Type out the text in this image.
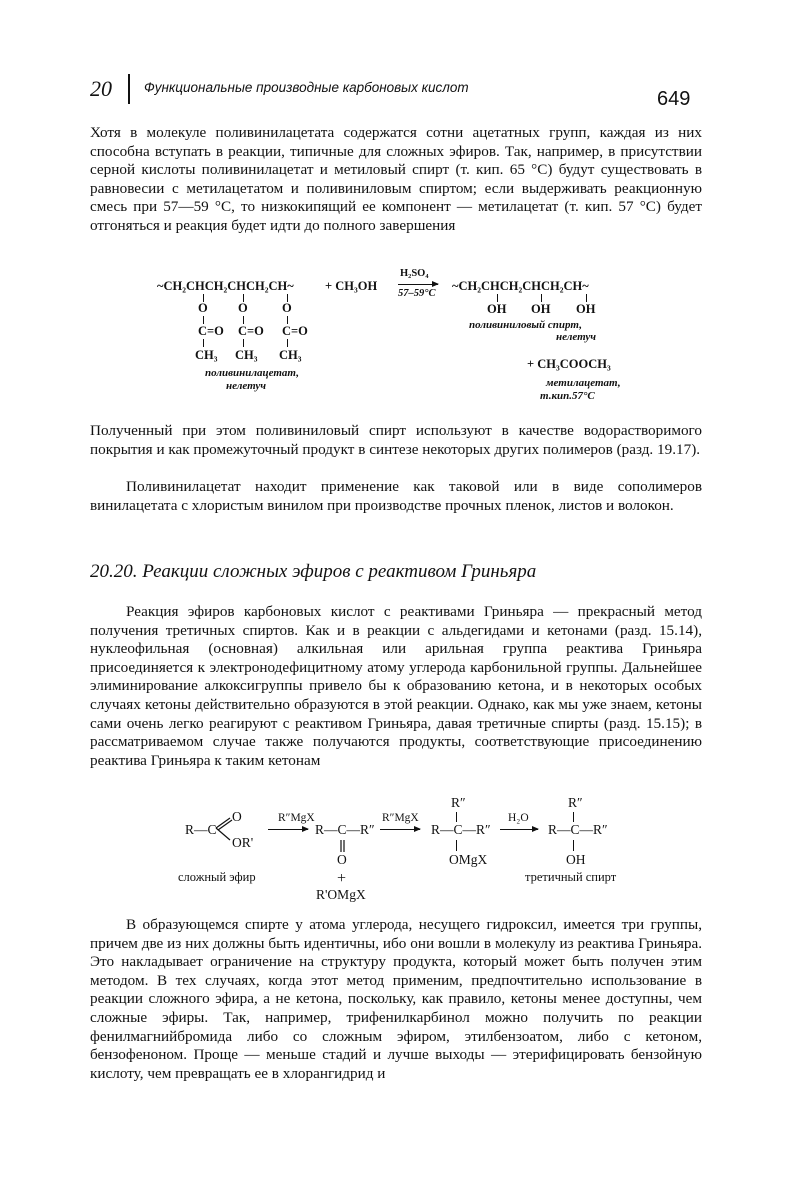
20 Функциональные производные карбоновых кислот
649
Хотя в молекуле поливинилацетата содержатся сотни ацетатных групп, каждая из них способна вступать в реакции, типичные для сложных эфиров. Так, например, в присутствии серной кислоты поливинилацетат и метиловый спирт (т. кип. 65 °C) будут существовать в равновесии с метилацетатом и поливиниловым спиртом; если выдерживать реакционную смесь при 57—59 °C, то низкокипящий ее компонент — метилацетат (т. кип. 57 °C) будет отгоняться и реакция будет идти до полного завершения
~CH₂CHCH₂CHCH₂CH~	+ CH₃OH
H₂SO₄
57–59°C
~CH₂CHCH₂CHCH₂CH~
O O	O
C=O C=O C=O
CH₃ CH₃ CH₃
поливинилацетат,
нелетуч
OH OH OH
поливиниловый спирт,
нелетуч
+ CH₃COOCH₃
метилацетат,
т.кип.57°C
Полученный при этом поливиниловый спирт используют в качестве водорастворимого покрытия и как промежуточный продукт в синтезе некоторых других полимеров (разд. 19.17).
Поливинилацетат находит применение как таковой или в виде сополимеров винилацетата с хлористым винилом при производстве прочных пленок, листов и волокон.
20.20. Реакции сложных эфиров с реактивом Гриньяра
Реакция эфиров карбоновых кислот с реактивами Гриньяра — прекрасный метод получения третичных спиртов. Как и в реакции с альдегидами и кетонами (разд. 15.14), нуклеофильная (основная) алкильная или арильная группа реактива Гриньяра присоединяется к электронодефицитному атому углерода карбонильной группы. Дальнейшее элиминирование алкоксигруппы привело бы к образованию кетона, и в некоторых особых случаях кетоны действительно образуются в этой реакции. Однако, как мы уже знаем, кетоны сами очень легко реагируют с реактивом Гриньяра, давая третичные спирты (разд. 15.15); в рассматриваемом случае также получаются продукты, соответствующие присоединению реактива Гриньяра к таким кетонам
R—C
O
OR'
R″MgX
→ R—C—R″
O
+
R'OMgX
R″MgX
R″
R—C—R″
OMgX
H₂O
R″
R—C—R″
OH
сложный эфир	третичный спирт
В образующемся спирте у атома углерода, несущего гидроксил, имеется три группы, причем две из них должны быть идентичны, ибо они вошли в молекулу из реактива Гриньяра. Это накладывает ограничение на структуру продукта, который может быть получен этим методом. В тех случаях, когда этот метод применим, предпочтительно использование в реакции сложного эфира, а не кетона, поскольку, как правило, кетоны менее доступны, чем сложные эфиры. Так, например, трифенилкарбинол можно получить по реакции фенилмагнийбромида либо со сложным эфиром, этилбензоатом, либо с кетоном, бензофеноном. Проще — меньше стадий и лучше выходы — этерифицировать бензойную кислоту, чем превращать ее в хлорангидрид и
